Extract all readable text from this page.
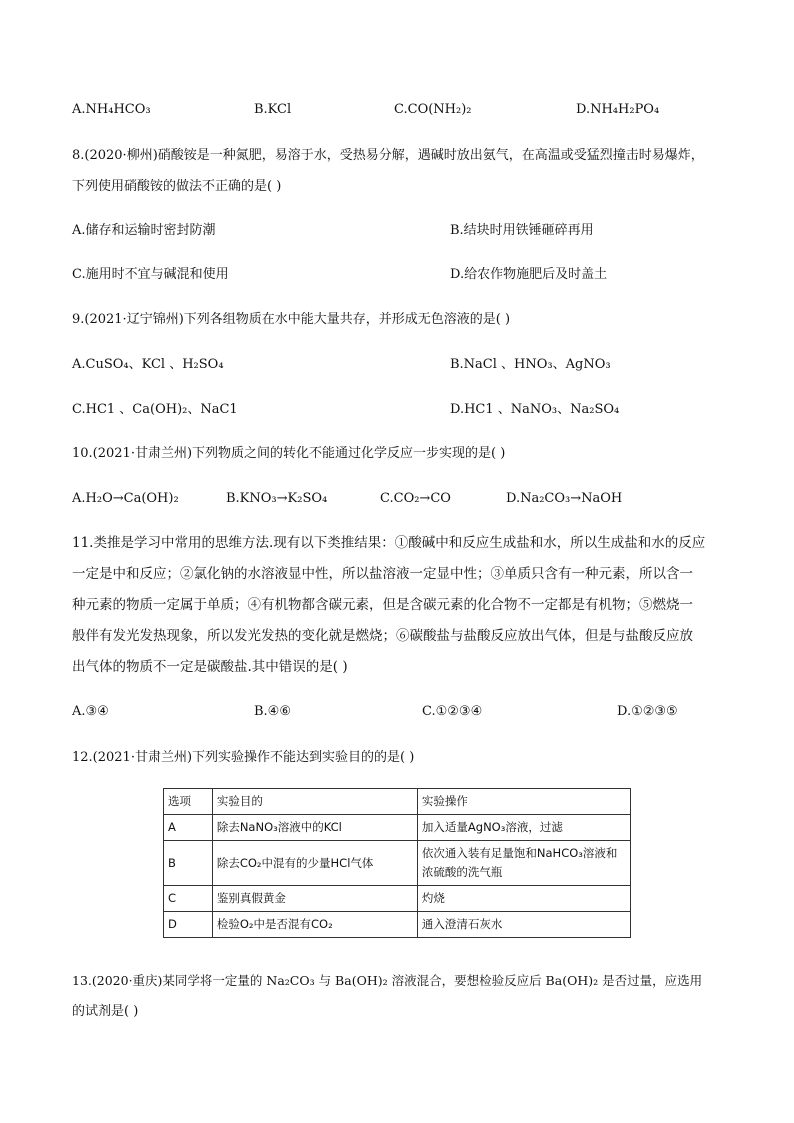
A.NH₄HCO₃	B.KCl	C.CO(NH₂)₂	D.NH₄H₂PO₄
8.(2020·柳州)硝酸铵是一种氮肥，易溶于水，受热易分解，遇碱时放出氨气，在高温或受猛烈撞击时易爆炸，
下列使用硝酸铵的做法不正确的是( )
A.储存和运输时密封防潮	B.结块时用铁锤砸碎再用
C.施用时不宜与碱混和使用	D.给农作物施肥后及时盖土
9.(2021·辽宁锦州)下列各组物质在水中能大量共存，并形成无色溶液的是( )
A.CuSO₄、KCl 、H₂SO₄	B.NaCl 、HNO₃、AgNO₃
C.HC1 、Ca(OH)₂、NaC1	D.HC1 、NaNO₃、Na₂SO₄
10.(2021·甘肃兰州)下列物质之间的转化不能通过化学反应一步实现的是( )
A.H₂O→Ca(OH)₂	B.KNO₃→K₂SO₄	C.CO₂→CO	D.Na₂CO₃→NaOH
11.类推是学习中常用的思维方法.现有以下类推结果：①酸碱中和反应生成盐和水，所以生成盐和水的反应
一定是中和反应；②氯化钠的水溶液显中性，所以盐溶液一定显中性；③单质只含有一种元素，所以含一
种元素的物质一定属于单质；④有机物都含碳元素，但是含碳元素的化合物不一定都是有机物；⑤燃烧一
般伴有发光发热现象，所以发光发热的变化就是燃烧；⑥碳酸盐与盐酸反应放出气体，但是与盐酸反应放
出气体的物质不一定是碳酸盐.其中错误的是( )
A.③④	B.④⑥	C.①②③④	D.①②③⑤
12.(2021·甘肃兰州)下列实验操作不能达到实验目的的是( )
选项	实验目的	实验操作
A	除去NaNO₃溶液中的KCl	加入适量AgNO₃溶液，过滤
B	除去CO₂中混有的少量HCl气体	依次通入装有足量饱和NaHCO₃溶液和浓硫酸的洗气瓶
C	鉴别真假黄金	灼烧
D	检验O₂中是否混有CO₂	通入澄清石灰水
13.(2020·重庆)某同学将一定量的 Na₂CO₃ 与 Ba(OH)₂ 溶液混合，要想检验反应后 Ba(OH)₂ 是否过量，应选用
的试剂是( )
